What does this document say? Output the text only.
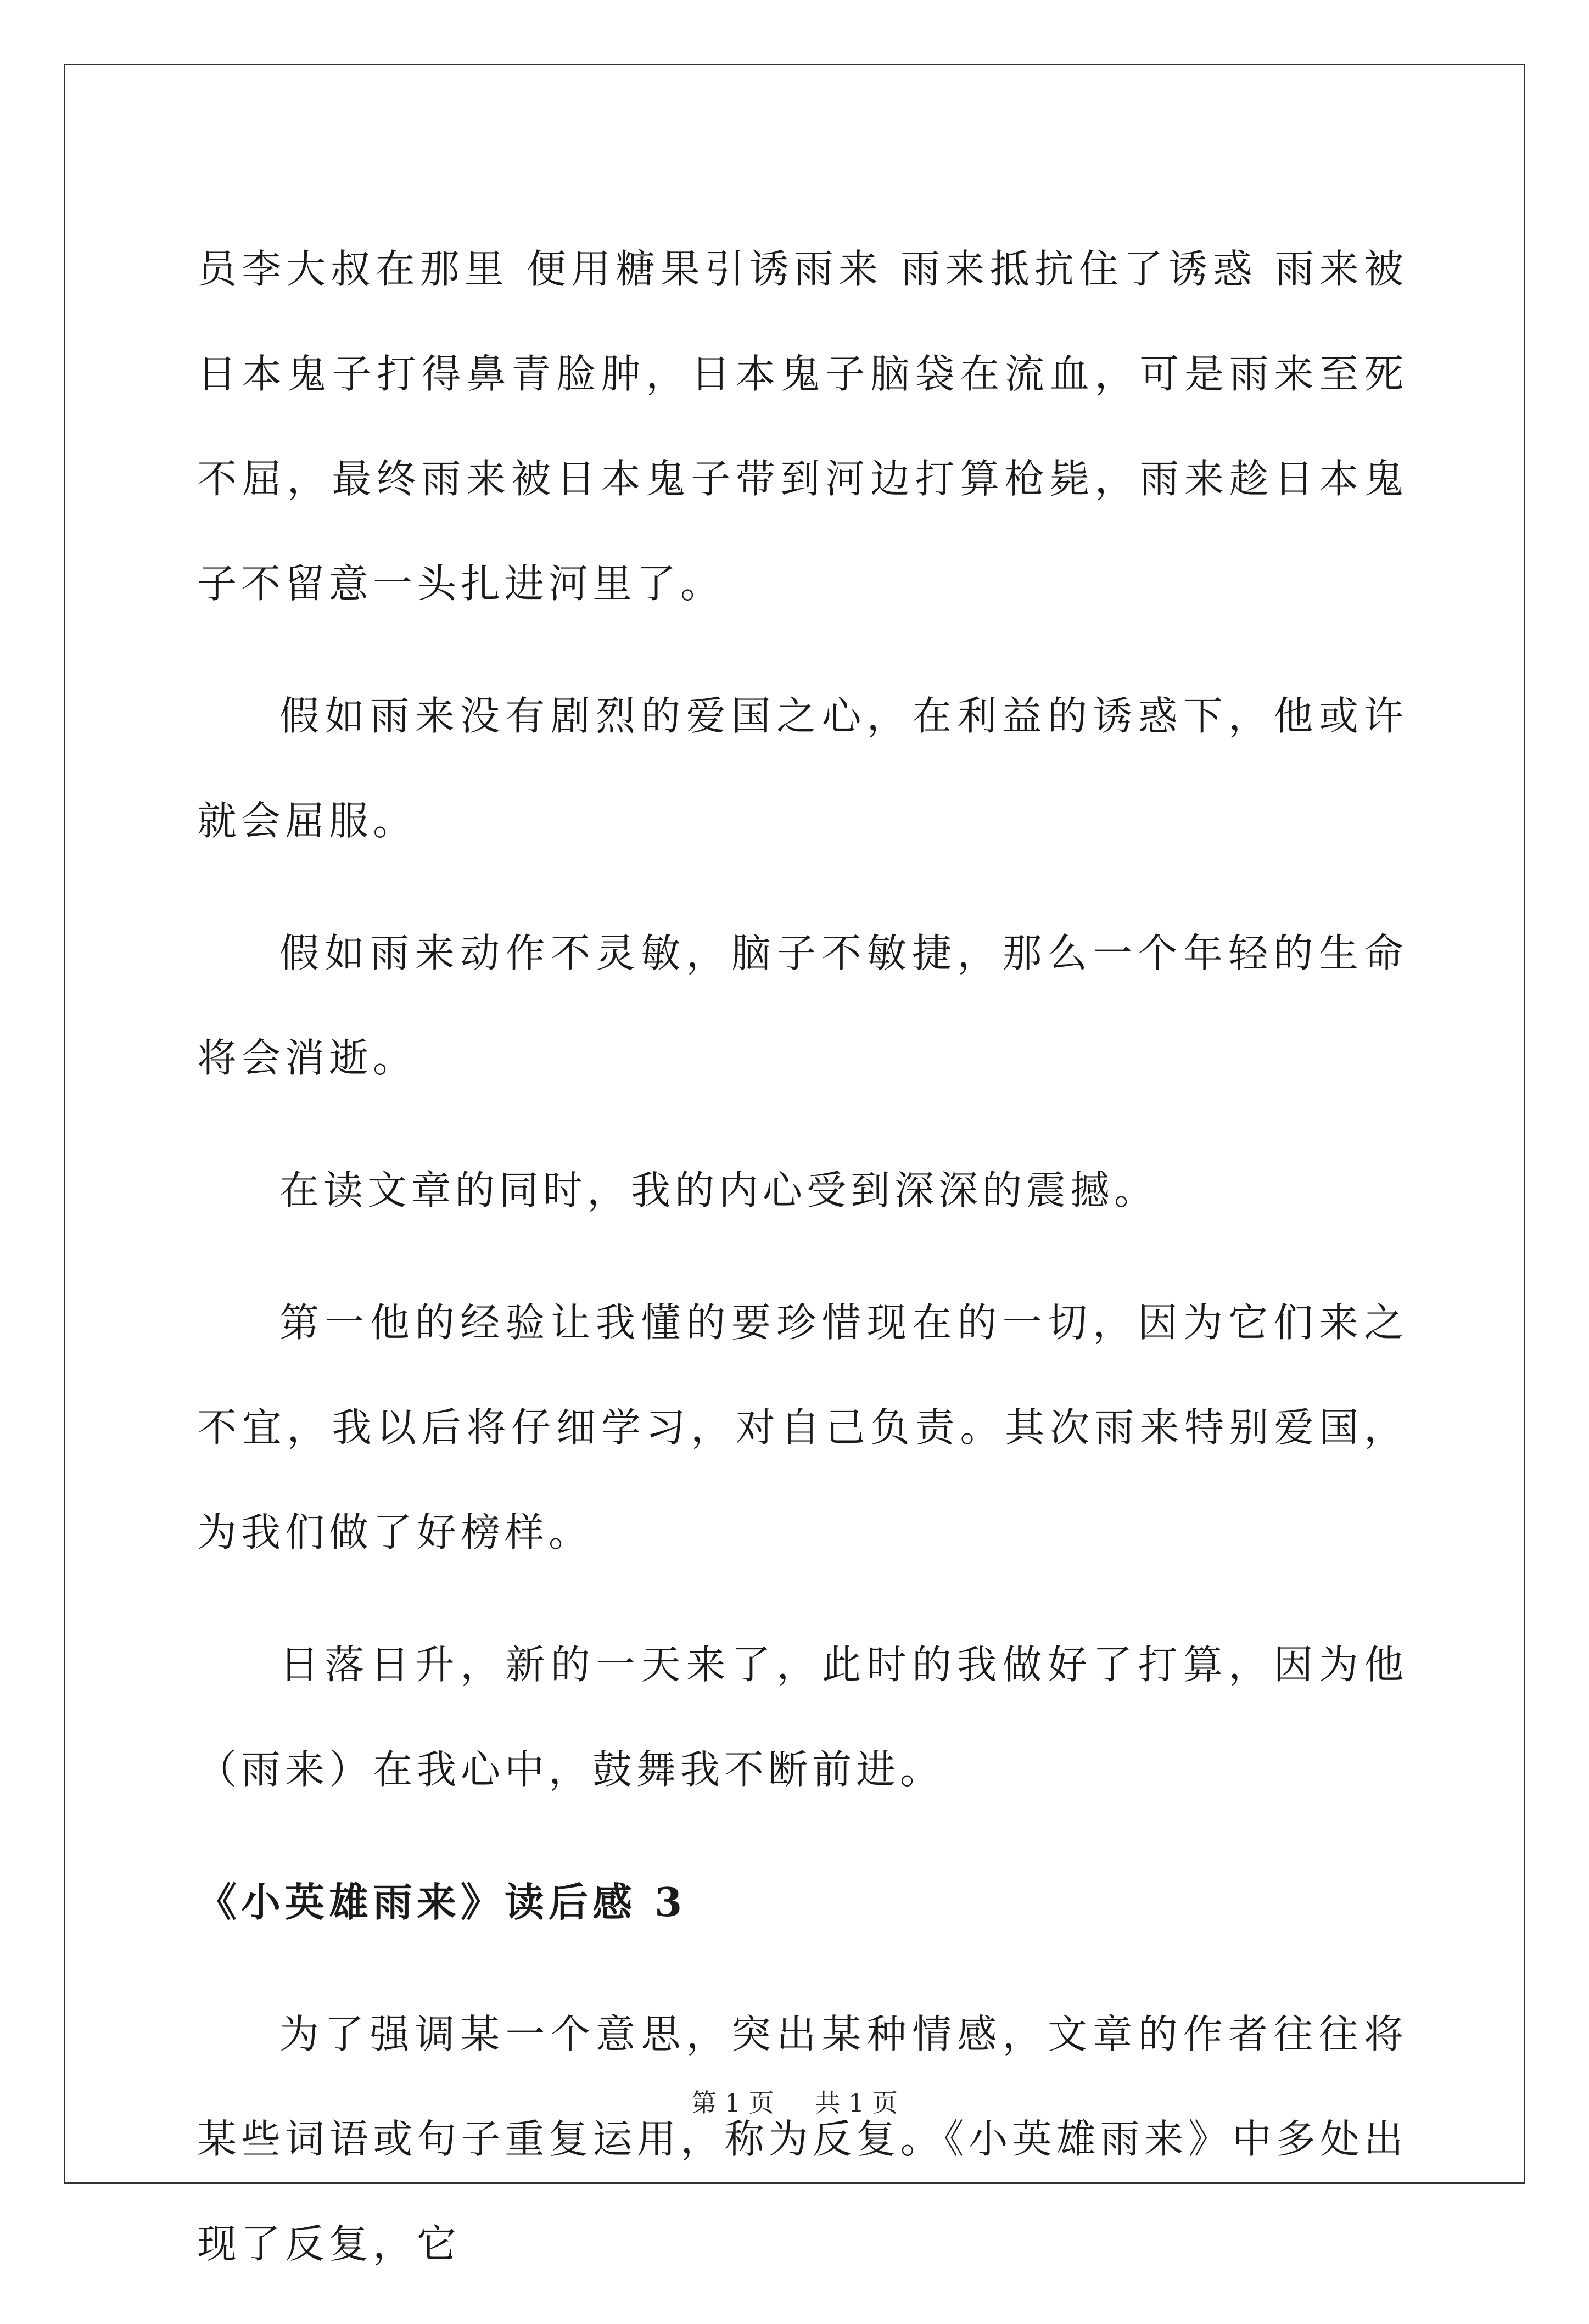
员李大叔在那里 便用糖果引诱雨来 雨来抵抗住了诱惑 雨来被日本鬼子打得鼻青脸肿，日本鬼子脑袋在流血，可是雨来至死不屈，最终雨来被日本鬼子带到河边打算枪毙，雨来趁日本鬼子不留意一头扎进河里了。

假如雨来没有剧烈的爱国之心，在利益的诱惑下，他或许就会屈服。

假如雨来动作不灵敏，脑子不敏捷，那么一个年轻的生命将会消逝。

在读文章的同时，我的内心受到深深的震撼。

第一他的经验让我懂的要珍惜现在的一切，因为它们来之不宜，我以后将仔细学习，对自己负责。其次雨来特别爱国，为我们做了好榜样。

日落日升，新的一天来了，此时的我做好了打算，因为他（雨来）在我心中，鼓舞我不断前进。

《小英雄雨来》读后感 3

为了强调某一个意思，突出某种情感，文章的作者往往将某些词语或句子重复运用，称为反复。《小英雄雨来》中多处出现了反复，它

第 1 页 共 1 页
